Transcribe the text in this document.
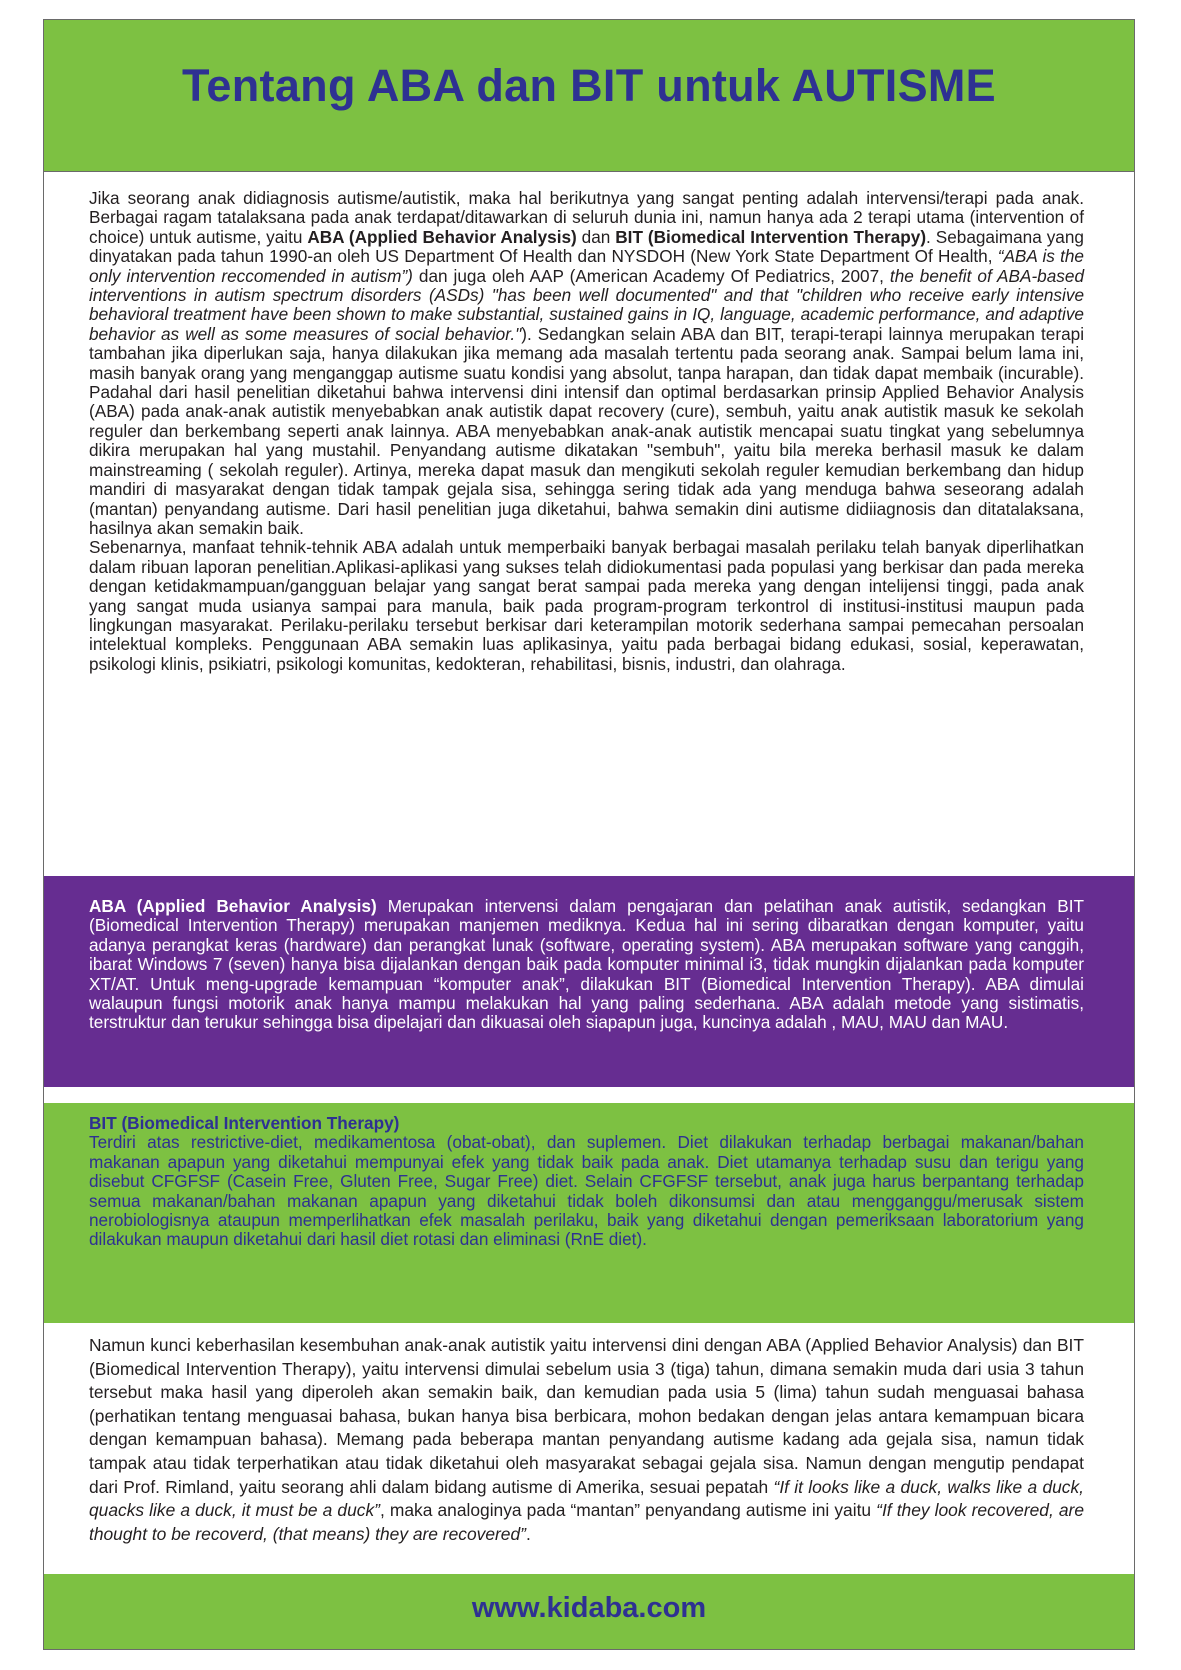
Tentang ABA dan BIT untuk AUTISME

Jika seorang anak didiagnosis autisme/autistik, maka hal berikutnya yang sangat penting adalah intervensi/terapi pada anak. Berbagai ragam tatalaksana pada anak terdapat/ditawarkan di seluruh dunia ini, namun hanya ada 2 terapi utama (intervention of choice) untuk autisme, yaitu ABA (Applied Behavior Analysis) dan BIT (Biomedical Intervention Therapy). Sebagaimana yang dinyatakan pada tahun 1990-an oleh US Department Of Health dan NYSDOH (New York State Department Of Health, “ABA is the only intervention reccomended in autism”) dan juga oleh AAP (American Academy Of Pediatrics, 2007, the benefit of ABA-based interventions in autism spectrum disorders (ASDs) "has been well documented" and that "children who receive early intensive behavioral treatment have been shown to make substantial, sustained gains in IQ, language, academic performance, and adaptive behavior as well as some measures of social behavior."). Sedangkan selain ABA dan BIT, terapi-terapi lainnya merupakan terapi tambahan jika diperlukan saja, hanya dilakukan jika memang ada masalah tertentu pada seorang anak. Sampai belum lama ini, masih banyak orang yang menganggap autisme suatu kondisi yang absolut, tanpa harapan, dan tidak dapat membaik (incurable). Padahal dari hasil penelitian diketahui bahwa intervensi dini intensif dan optimal berdasarkan prinsip Applied Behavior Analysis (ABA) pada anak-anak autistik menyebabkan anak autistik dapat recovery (cure), sembuh, yaitu anak autistik masuk ke sekolah reguler dan berkembang seperti anak lainnya. ABA menyebabkan anak-anak autistik mencapai suatu tingkat yang sebelumnya dikira merupakan hal yang mustahil. Penyandang autisme dikatakan "sembuh", yaitu bila mereka berhasil masuk ke dalam mainstreaming ( sekolah reguler). Artinya, mereka dapat masuk dan mengikuti sekolah reguler kemudian berkembang dan hidup mandiri di masyarakat dengan tidak tampak gejala sisa, sehingga sering tidak ada yang menduga bahwa seseorang adalah (mantan) penyandang autisme. Dari hasil penelitian juga diketahui, bahwa semakin dini autisme didiiagnosis dan ditatalaksana, hasilnya akan semakin baik.

Sebenarnya, manfaat tehnik-tehnik ABA adalah untuk memperbaiki banyak berbagai masalah perilaku telah banyak diperlihatkan dalam ribuan laporan penelitian.Aplikasi-aplikasi yang sukses telah didiokumentasi pada populasi yang berkisar dan pada mereka dengan ketidakmampuan/gangguan belajar yang sangat berat sampai pada mereka yang dengan intelijensi tinggi, pada anak yang sangat muda usianya sampai para manula, baik pada program-program terkontrol di institusi-institusi maupun pada lingkungan masyarakat. Perilaku-perilaku tersebut berkisar dari keterampilan motorik sederhana sampai pemecahan persoalan intelektual kompleks. Penggunaan ABA semakin luas aplikasinya, yaitu pada berbagai bidang edukasi, sosial, keperawatan, psikologi klinis, psikiatri, psikologi komunitas, kedokteran, rehabilitasi, bisnis, industri, dan olahraga.

ABA (Applied Behavior Analysis) Merupakan intervensi dalam pengajaran dan pelatihan anak autistik, sedangkan BIT (Biomedical Intervention Therapy) merupakan manjemen mediknya. Kedua hal ini sering dibaratkan dengan komputer, yaitu adanya perangkat keras (hardware) dan perangkat lunak (software, operating system). ABA merupakan software yang canggih, ibarat Windows 7 (seven) hanya bisa dijalankan dengan baik pada komputer minimal i3, tidak mungkin dijalankan pada komputer XT/AT. Untuk meng-upgrade kemampuan “komputer anak”, dilakukan BIT (Biomedical Intervention Therapy). ABA dimulai walaupun fungsi motorik anak hanya mampu melakukan hal yang paling sederhana. ABA adalah metode yang sistimatis, terstruktur dan terukur sehingga bisa dipelajari dan dikuasai oleh siapapun juga, kuncinya adalah , MAU, MAU dan MAU.

BIT (Biomedical Intervention Therapy)

Terdiri atas restrictive-diet, medikamentosa (obat-obat), dan suplemen. Diet dilakukan terhadap berbagai makanan/bahan makanan apapun yang diketahui mempunyai efek yang tidak baik pada anak. Diet utamanya terhadap susu dan terigu yang disebut CFGFSF (Casein Free, Gluten Free, Sugar Free) diet. Selain CFGFSF tersebut, anak juga harus berpantang terhadap semua makanan/bahan makanan apapun yang diketahui tidak boleh dikonsumsi dan atau mengganggu/merusak sistem nerobiologisnya ataupun memperlihatkan efek masalah perilaku, baik yang diketahui dengan pemeriksaan laboratorium yang dilakukan maupun diketahui dari hasil diet rotasi dan eliminasi (RnE diet).

Namun kunci keberhasilan kesembuhan anak-anak autistik yaitu intervensi dini dengan ABA (Applied Behavior Analysis) dan BIT (Biomedical Intervention Therapy), yaitu intervensi dimulai sebelum usia 3 (tiga) tahun, dimana semakin muda dari usia 3 tahun tersebut maka hasil yang diperoleh akan semakin baik, dan kemudian pada usia 5 (lima) tahun sudah menguasai bahasa (perhatikan tentang menguasai bahasa, bukan hanya bisa berbicara, mohon bedakan dengan jelas antara kemampuan bicara dengan kemampuan bahasa). Memang pada beberapa mantan penyandang autisme kadang ada gejala sisa, namun tidak tampak atau tidak terperhatikan atau tidak diketahui oleh masyarakat sebagai gejala sisa. Namun dengan mengutip pendapat dari Prof. Rimland, yaitu seorang ahli dalam bidang autisme di Amerika, sesuai pepatah “If it looks like a duck, walks like a duck, quacks like a duck, it must be a duck”, maka analoginya pada “mantan” penyandang autisme ini yaitu “If they look recovered, are thought to be recoverd, (that means) they are recovered”.

www.kidaba.com
